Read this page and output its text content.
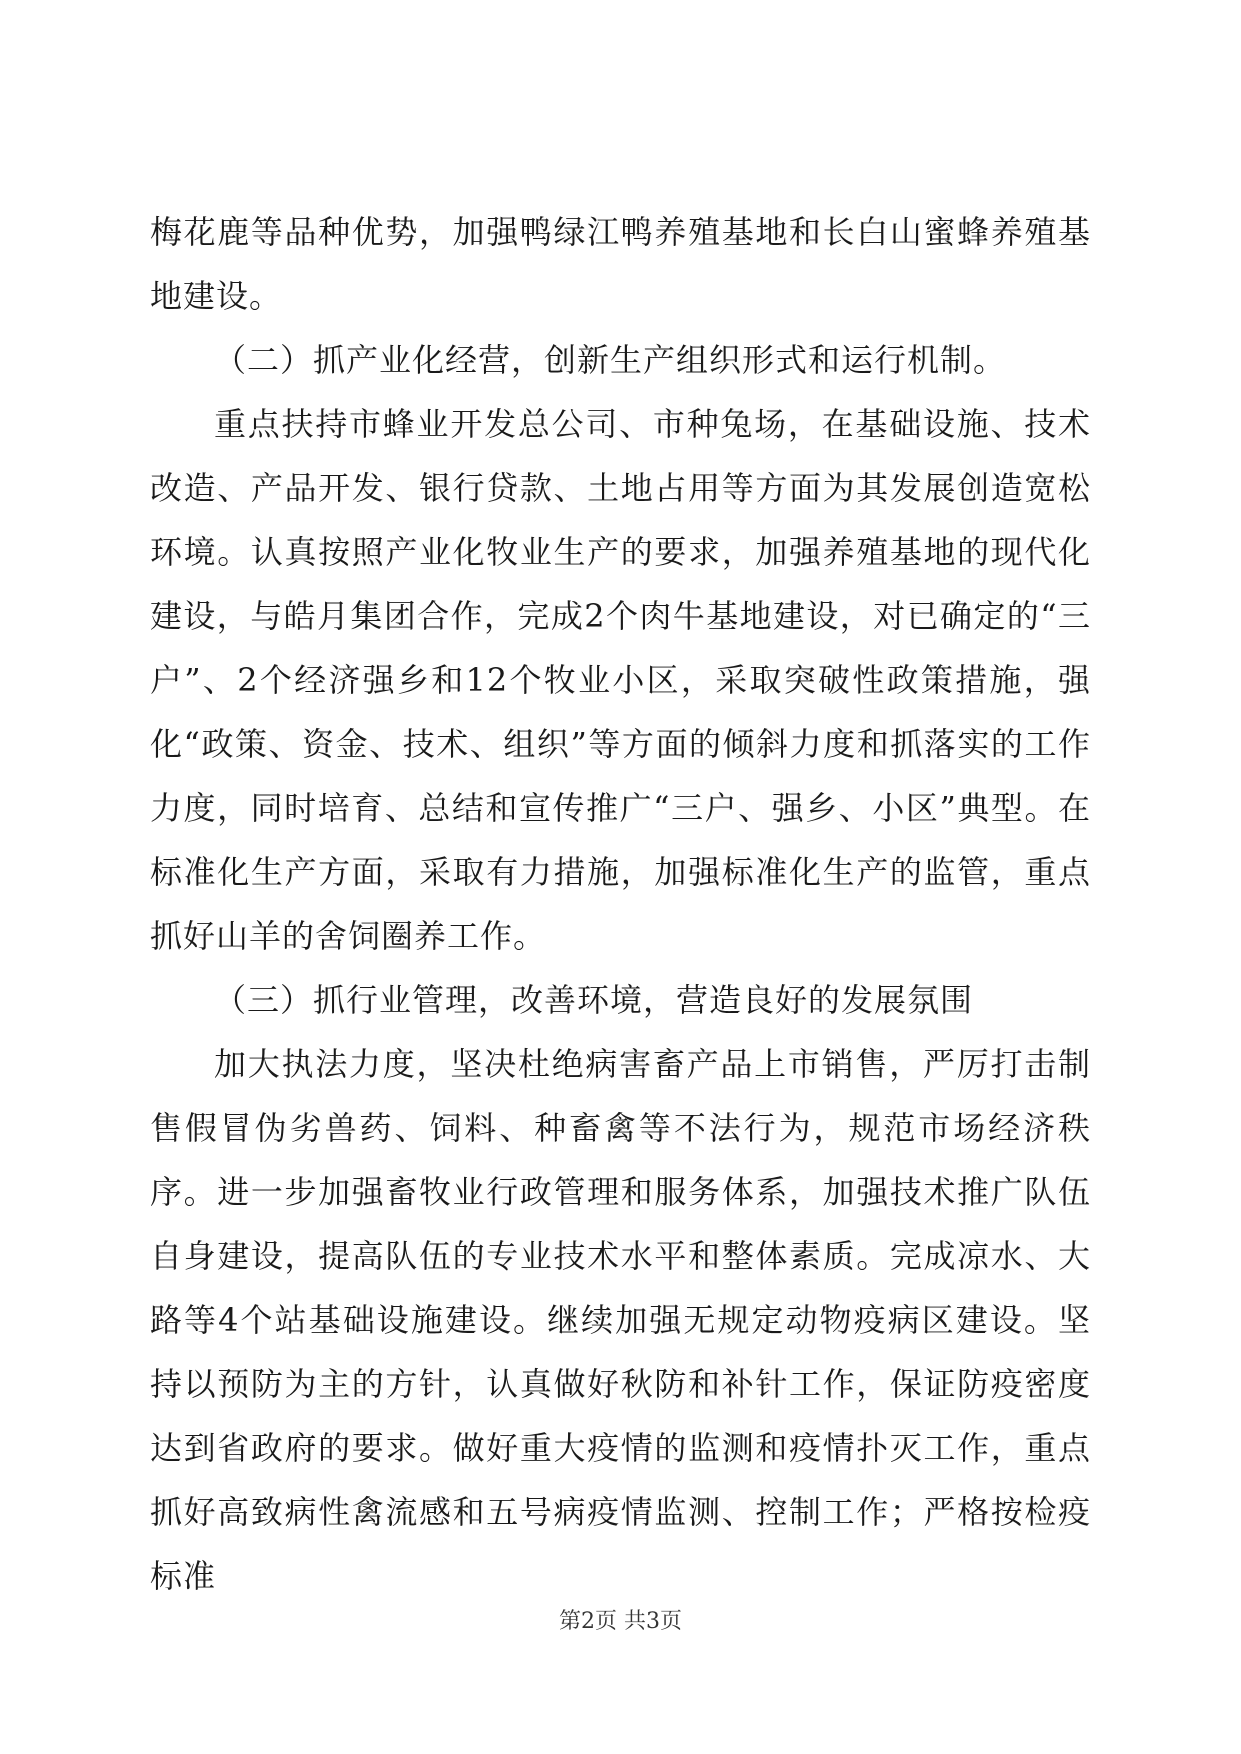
梅花鹿等品种优势，加强鸭绿江鸭养殖基地和长白山蜜蜂养殖基地建设。

（二）抓产业化经营，创新生产组织形式和运行机制。

重点扶持市蜂业开发总公司、市种兔场，在基础设施、技术改造、产品开发、银行贷款、土地占用等方面为其发展创造宽松环境。认真按照产业化牧业生产的要求，加强养殖基地的现代化建设，与皓月集团合作，完成2个肉牛基地建设，对已确定的“三户”、2个经济强乡和12个牧业小区，采取突破性政策措施，强化“政策、资金、技术、组织”等方面的倾斜力度和抓落实的工作力度，同时培育、总结和宣传推广“三户、强乡、小区”典型。在标准化生产方面，采取有力措施，加强标准化生产的监管，重点抓好山羊的舍饲圈养工作。

（三）抓行业管理，改善环境，营造良好的发展氛围

加大执法力度，坚决杜绝病害畜产品上市销售，严厉打击制售假冒伪劣兽药、饲料、种畜禽等不法行为，规范市场经济秩序。进一步加强畜牧业行政管理和服务体系，加强技术推广队伍自身建设，提高队伍的专业技术水平和整体素质。完成凉水、大路等4个站基础设施建设。继续加强无规定动物疫病区建设。坚持以预防为主的方针，认真做好秋防和补针工作，保证防疫密度达到省政府的要求。做好重大疫情的监测和疫情扑灭工作，重点抓好高致病性禽流感和五号病疫情监测、控制工作；严格按检疫标准

第2页 共3页
